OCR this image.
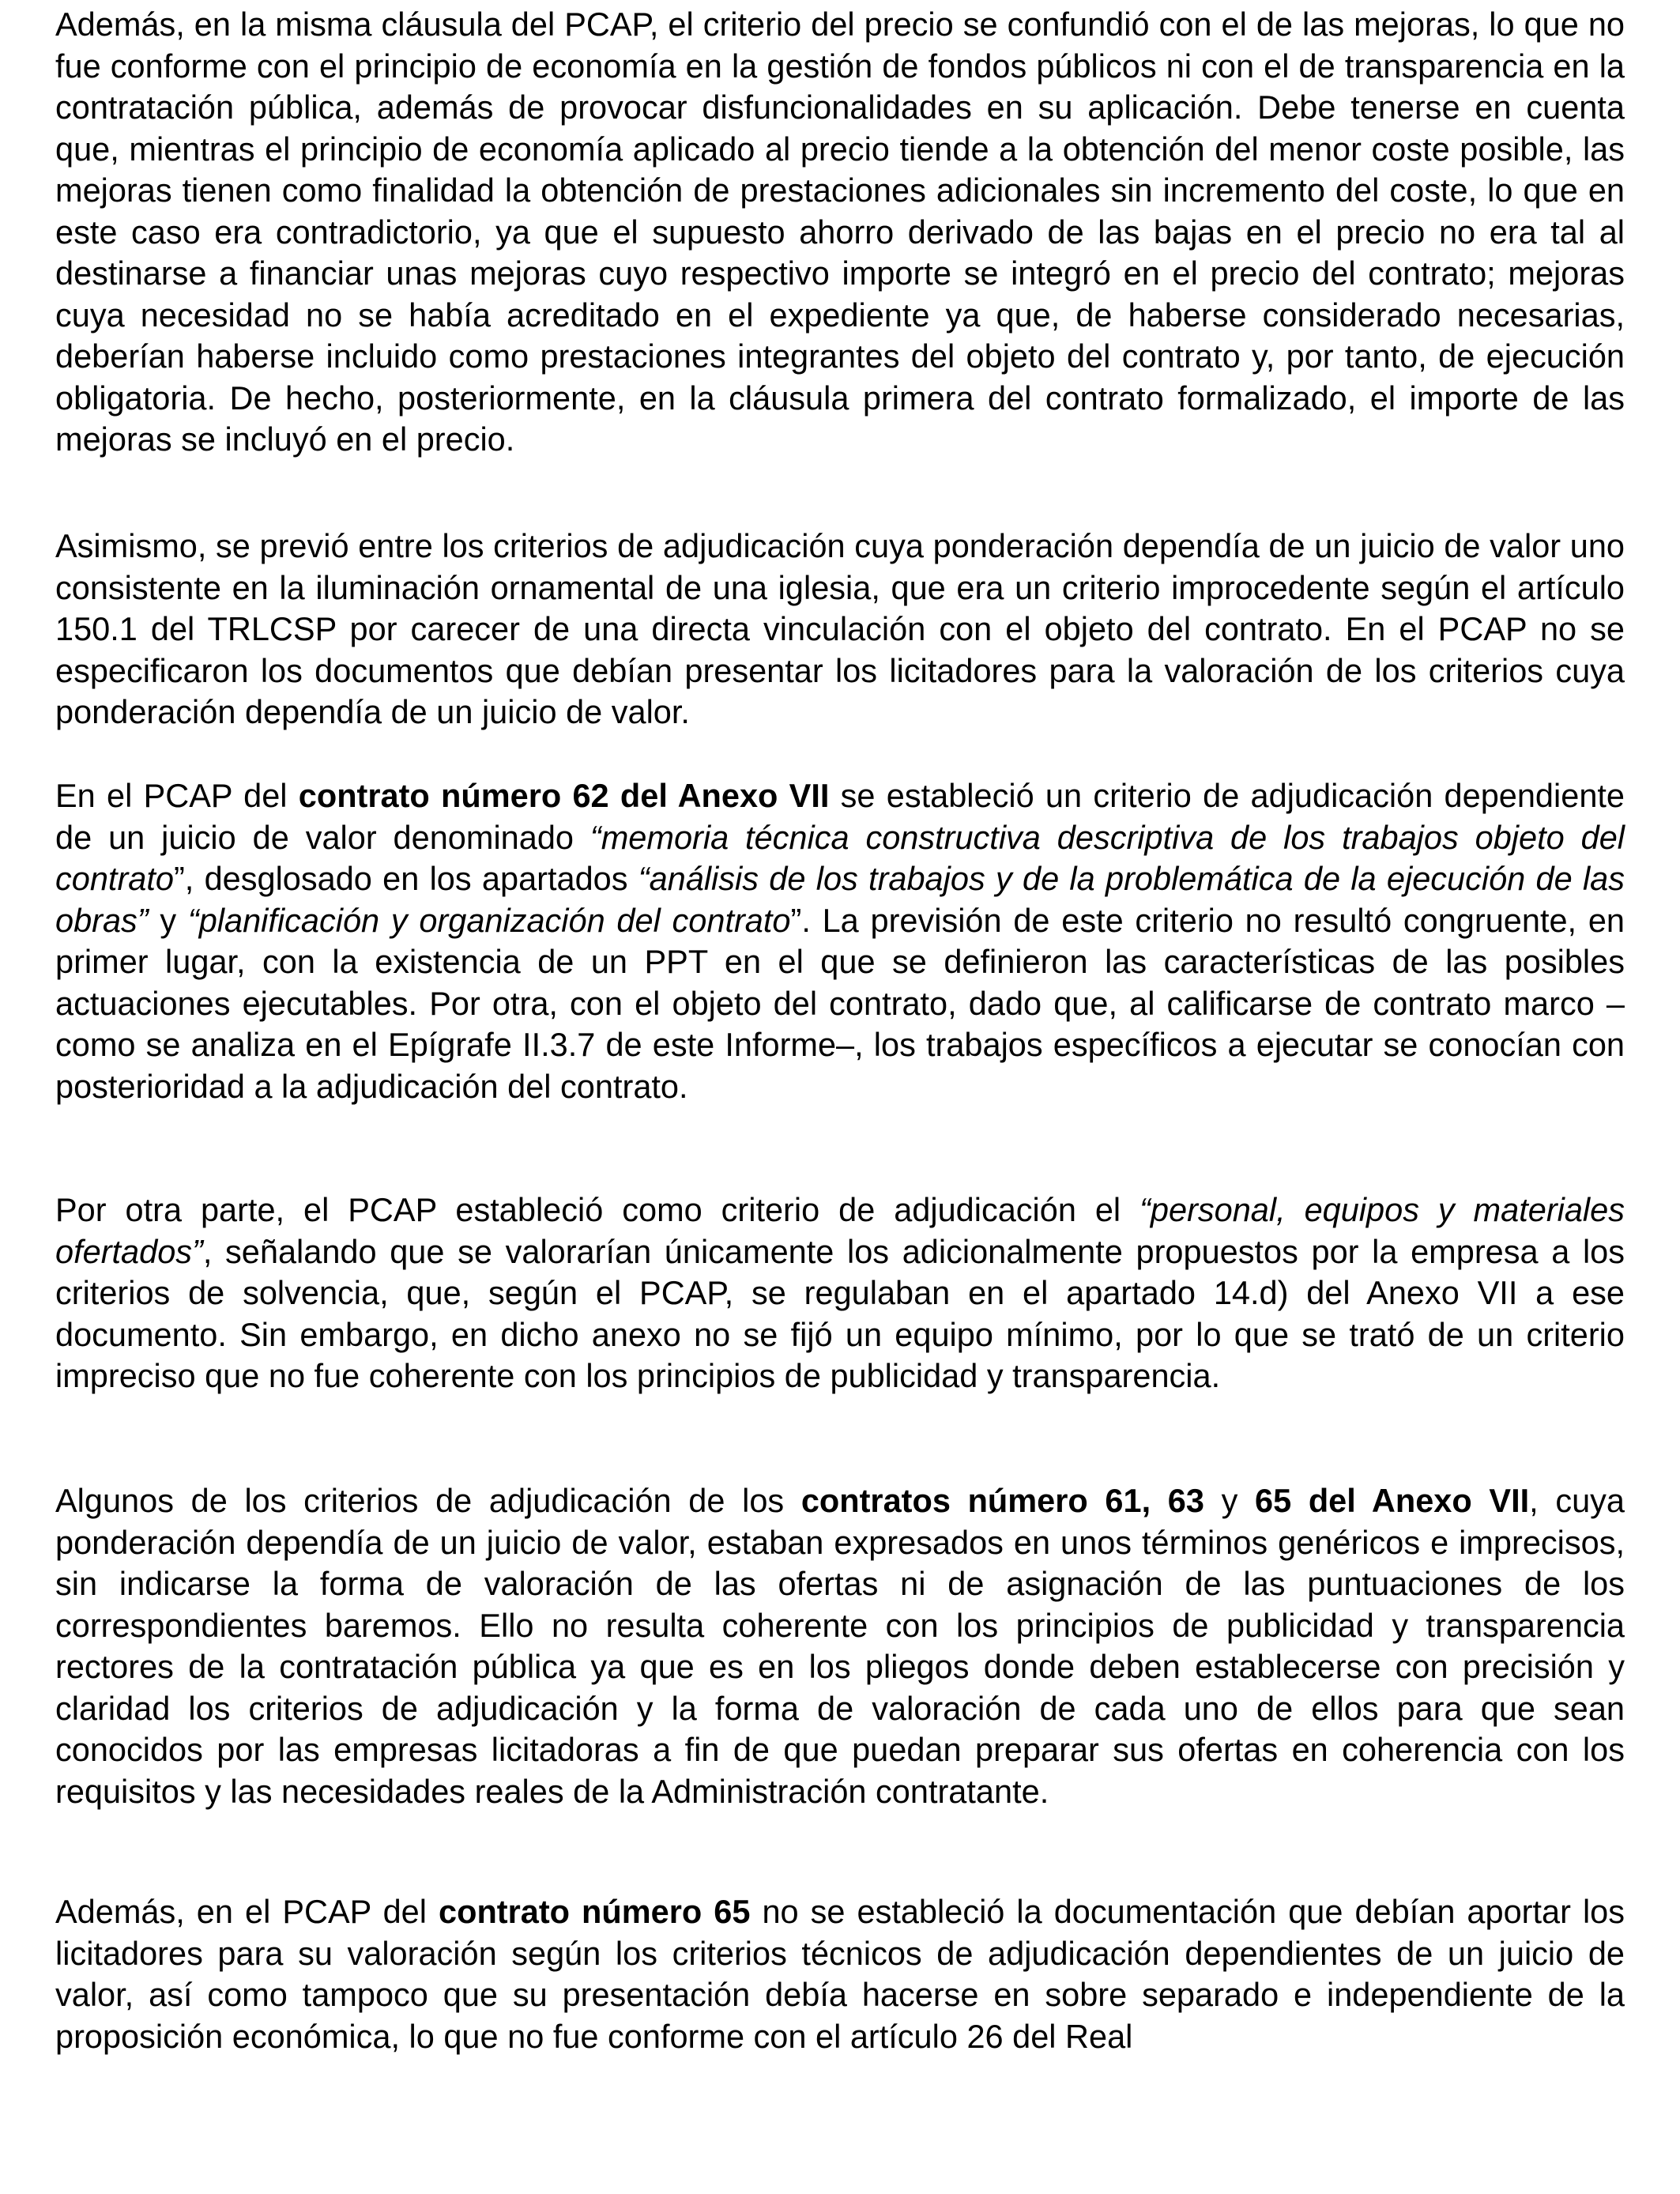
Además, en la misma cláusula del PCAP, el criterio del precio se confundió con el de las mejoras, lo que no fue conforme con el principio de economía en la gestión de fondos públicos ni con el de transparencia en la contratación pública, además de provocar disfuncionalidades en su aplicación. Debe tenerse en cuenta que, mientras el principio de economía aplicado al precio tiende a la obtención del menor coste posible, las mejoras tienen como finalidad la obtención de prestaciones adicionales sin incremento del coste, lo que en este caso era contradictorio, ya que el supuesto ahorro derivado de las bajas en el precio no era tal al destinarse a financiar unas mejoras cuyo respectivo importe se integró en el precio del contrato; mejoras cuya necesidad no se había acreditado en el expediente ya que, de haberse considerado necesarias, deberían haberse incluido como prestaciones integrantes del objeto del contrato y, por tanto, de ejecución obligatoria. De hecho, posteriormente, en la cláusula primera del contrato formalizado, el importe de las mejoras se incluyó en el precio.

Asimismo, se previó entre los criterios de adjudicación cuya ponderación dependía de un juicio de valor uno consistente en la iluminación ornamental de una iglesia, que era un criterio improcedente según el artículo 150.1 del TRLCSP por carecer de una directa vinculación con el objeto del contrato. En el PCAP no se especificaron los documentos que debían presentar los licitadores para la valoración de los criterios cuya ponderación dependía de un juicio de valor.

En el PCAP del contrato número 62 del Anexo VII se estableció un criterio de adjudicación dependiente de un juicio de valor denominado “memoria técnica constructiva descriptiva de los trabajos objeto del contrato”, desglosado en los apartados “análisis de los trabajos y de la problemática de la ejecución de las obras” y “planificación y organización del contrato”. La previsión de este criterio no resultó congruente, en primer lugar, con la existencia de un PPT en el que se definieron las características de las posibles actuaciones ejecutables. Por otra, con el objeto del contrato, dado que, al calificarse de contrato marco –como se analiza en el Epígrafe II.3.7 de este Informe–, los trabajos específicos a ejecutar se conocían con posterioridad a la adjudicación del contrato.

Por otra parte, el PCAP estableció como criterio de adjudicación el “personal, equipos y materiales ofertados”, señalando que se valorarían únicamente los adicionalmente propuestos por la empresa a los criterios de solvencia, que, según el PCAP, se regulaban en el apartado 14.d) del Anexo VII a ese documento. Sin embargo, en dicho anexo no se fijó un equipo mínimo, por lo que se trató de un criterio impreciso que no fue coherente con los principios de publicidad y transparencia.

Algunos de los criterios de adjudicación de los contratos número 61, 63 y 65 del Anexo VII, cuya ponderación dependía de un juicio de valor, estaban expresados en unos términos genéricos e imprecisos, sin indicarse la forma de valoración de las ofertas ni de asignación de las puntuaciones de los correspondientes baremos. Ello no resulta coherente con los principios de publicidad y transparencia rectores de la contratación pública ya que es en los pliegos donde deben establecerse con precisión y claridad los criterios de adjudicación y la forma de valoración de cada uno de ellos para que sean conocidos por las empresas licitadoras a fin de que puedan preparar sus ofertas en coherencia con los requisitos y las necesidades reales de la Administración contratante.

Además, en el PCAP del contrato número 65 no se estableció la documentación que debían aportar los licitadores para su valoración según los criterios técnicos de adjudicación dependientes de un juicio de valor, así como tampoco que su presentación debía hacerse en sobre separado e independiente de la proposición económica, lo que no fue conforme con el artículo 26 del Real
